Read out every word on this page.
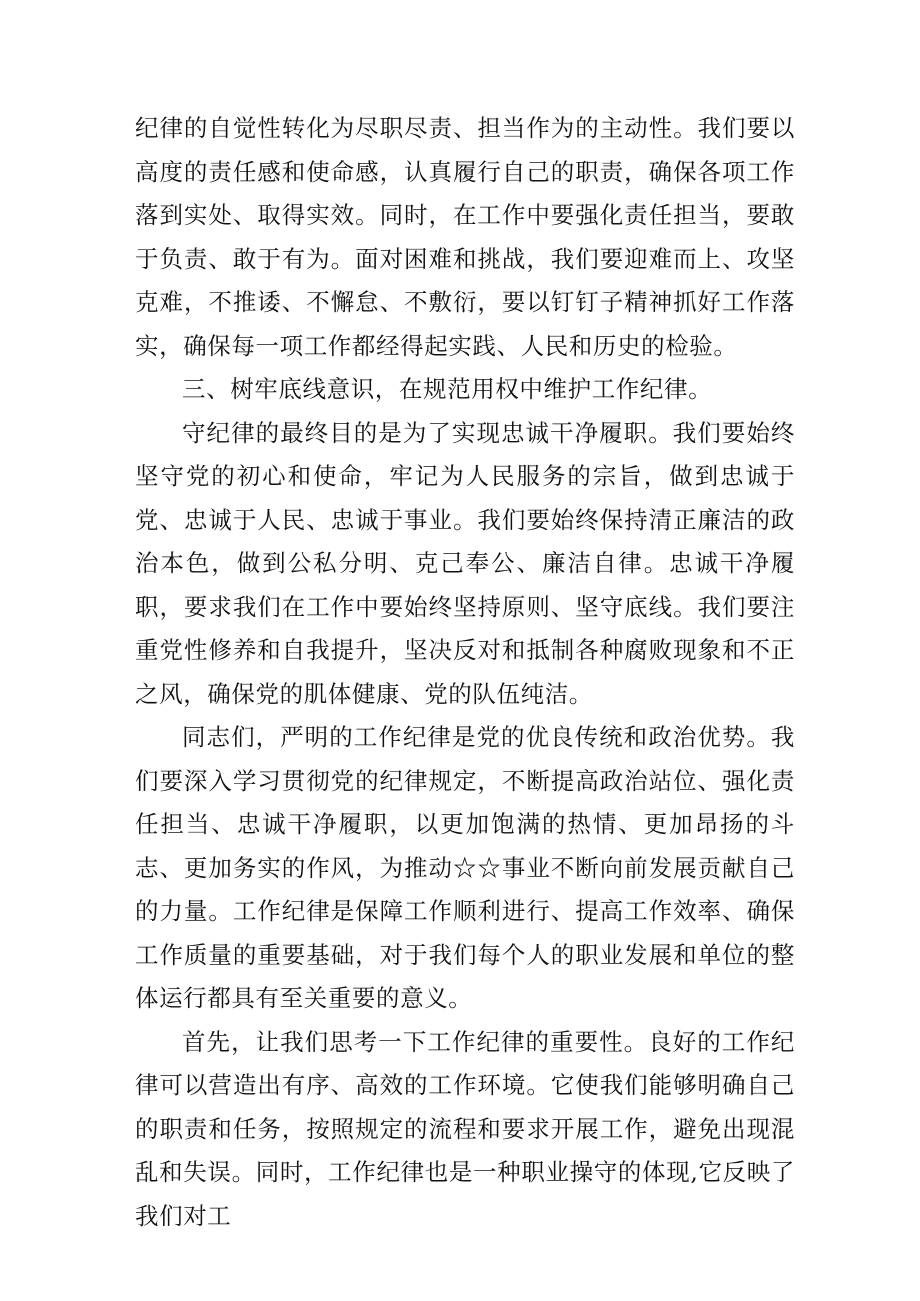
纪律的自觉性转化为尽职尽责、担当作为的主动性。我们要以高度的责任感和使命感，认真履行自己的职责，确保各项工作落到实处、取得实效。同时，在工作中要强化责任担当，要敢于负责、敢于有为。面对困难和挑战，我们要迎难而上、攻坚克难，不推诿、不懈怠、不敷衍，要以钉钉子精神抓好工作落实，确保每一项工作都经得起实践、人民和历史的检验。

三、树牢底线意识，在规范用权中维护工作纪律。

守纪律的最终目的是为了实现忠诚干净履职。我们要始终坚守党的初心和使命，牢记为人民服务的宗旨，做到忠诚于党、忠诚于人民、忠诚于事业。我们要始终保持清正廉洁的政治本色，做到公私分明、克己奉公、廉洁自律。忠诚干净履职，要求我们在工作中要始终坚持原则、坚守底线。我们要注重党性修养和自我提升，坚决反对和抵制各种腐败现象和不正之风，确保党的肌体健康、党的队伍纯洁。

同志们，严明的工作纪律是党的优良传统和政治优势。我们要深入学习贯彻党的纪律规定，不断提高政治站位、强化责任担当、忠诚干净履职，以更加饱满的热情、更加昂扬的斗志、更加务实的作风，为推动☆☆事业不断向前发展贡献自己的力量。工作纪律是保障工作顺利进行、提高工作效率、确保工作质量的重要基础，对于我们每个人的职业发展和单位的整体运行都具有至关重要的意义。

首先，让我们思考一下工作纪律的重要性。良好的工作纪律可以营造出有序、高效的工作环境。它使我们能够明确自己的职责和任务，按照规定的流程和要求开展工作，避免出现混乱和失误。同时，工作纪律也是一种职业操守的体现,它反映了我们对工
